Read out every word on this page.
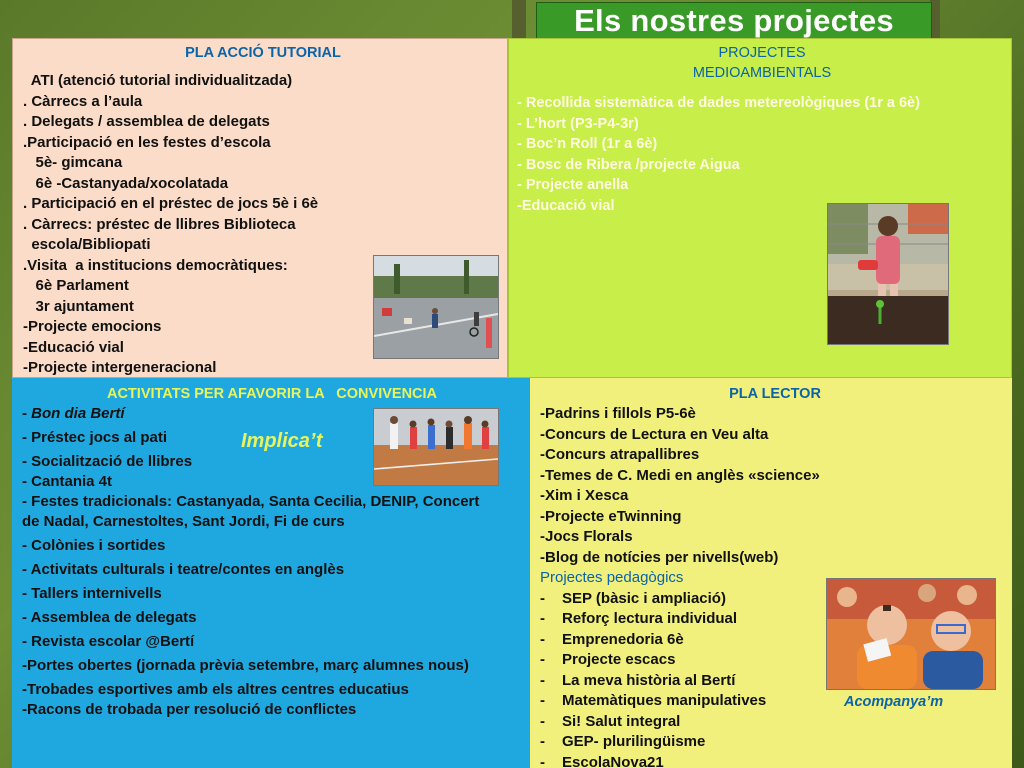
Els nostres projectes
PLA ACCIÓ TUTORIAL
ATI (atenció tutorial individualitzada)
. Càrrecs a l’aula
. Delegats / assemblea de delegats
.Participació en les festes d’escola
5è- gimcana
6è -Castanyada/xocolatada
. Participació en el préstec de jocs 5è i 6è
. Càrrecs: préstec de llibres Biblioteca
escola/Bibliopati
.Visita  a institucions democràtiques:
6è Parlament
3r ajuntament
-Projecte emocions
-Educació vial
-Projecte intergeneracional
PROJECTES
MEDIOAMBIENTALS
- Recollida sistemàtica de dades metereològiques (1r a 6è)
- L’hort (P3-P4-3r)
- Boc’n Roll (1r a 6è)
- Bosc de Ribera /projecte Aigua
- Projecte anella
-Educació vial
ACTIVITATS PER AFAVORIR LA   CONVIVENCIA
- Bon dia Bertí
- Préstec jocs al pati
- Socialització de llibres
- Cantania 4t
- Festes tradicionals: Castanyada, Santa Cecilia, DENIP, Concert de Nadal, Carnestoltes, Sant Jordi, Fi de curs
- Colònies i sortides
- Activitats culturals i teatre/contes en anglès
- Tallers internivells
- Assemblea de delegats
- Revista escolar @Bertí
-Portes obertes (jornada prèvia setembre, març alumnes nous)
-Trobades esportives amb els altres centres educatius
-Racons de trobada per resolució de conflictes
Implica’t
PLA LECTOR
-Padrins i fillols P5-6è
-Concurs de Lectura en Veu alta
-Concurs atrapallibres
-Temes de C. Medi en anglès «science»
-Xim i Xesca
-Projecte eTwinning
-Jocs Florals
-Blog de notícies per nivells(web)
Projectes pedagògics
-	SEP (bàsic i ampliació)
-	Reforç lectura individual
-	Emprenedoria 6è
-	Projecte escacs
-	La meva història al Bertí
-	Matemàtiques manipulatives
-	Si! Salut integral
-	GEP- plurilingüisme
-	EscolaNova21
Acompanya’m
